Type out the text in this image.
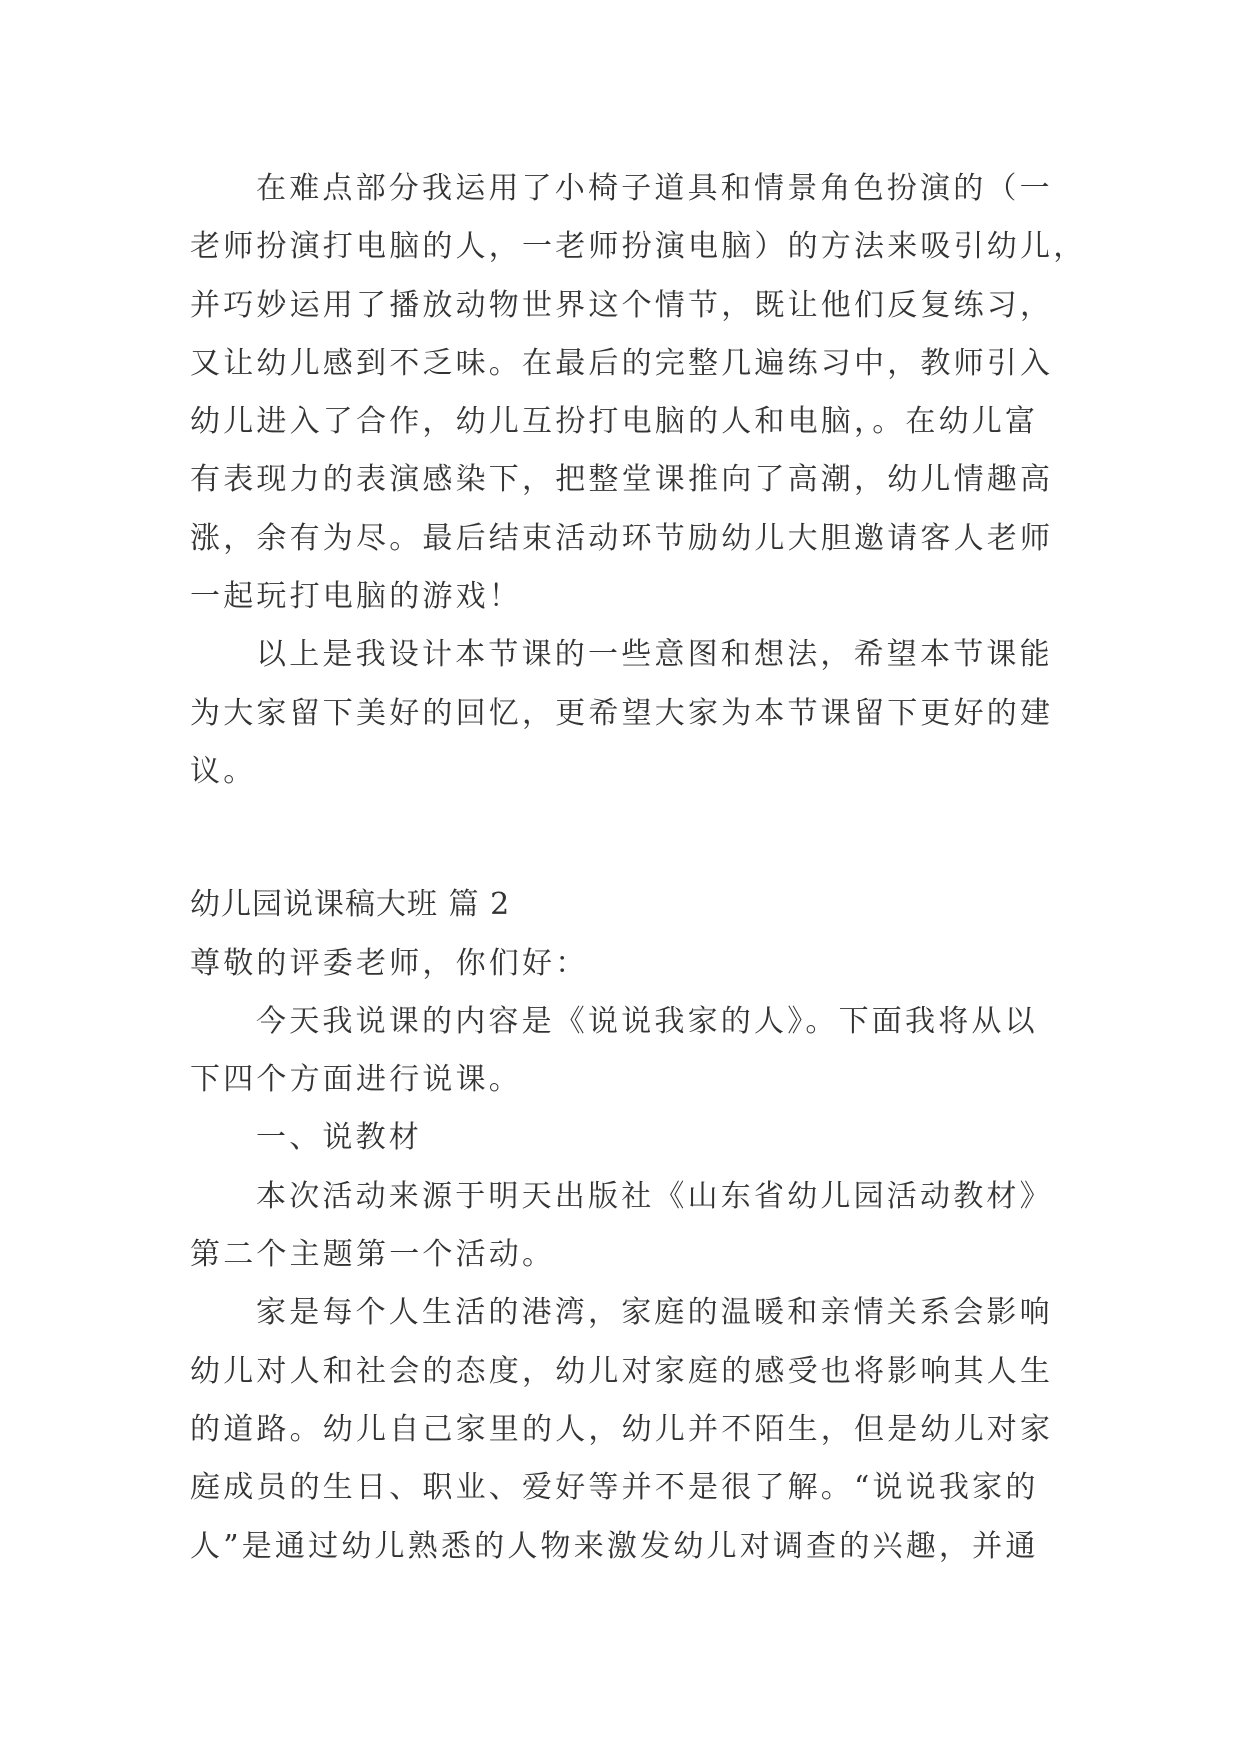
在难点部分我运用了小椅子道具和情景角色扮演的（一
老师扮演打电脑的人，一老师扮演电脑）的方法来吸引幼儿，
并巧妙运用了播放动物世界这个情节，既让他们反复练习，
又让幼儿感到不乏味。在最后的完整几遍练习中，教师引入
幼儿进入了合作，幼儿互扮打电脑的人和电脑，。在幼儿富
有表现力的表演感染下，把整堂课推向了高潮，幼儿情趣高
涨，余有为尽。最后结束活动环节励幼儿大胆邀请客人老师
一起玩打电脑的游戏！
以上是我设计本节课的一些意图和想法，希望本节课能
为大家留下美好的回忆，更希望大家为本节课留下更好的建
议。
幼儿园说课稿大班 篇 2
尊敬的评委老师，你们好：
今天我说课的内容是《说说我家的人》。下面我将从以
下四个方面进行说课。
一、说教材
本次活动来源于明天出版社《山东省幼儿园活动教材》
第二个主题第一个活动。
家是每个人生活的港湾，家庭的温暖和亲情关系会影响
幼儿对人和社会的态度，幼儿对家庭的感受也将影响其人生
的道路。幼儿自己家里的人，幼儿并不陌生，但是幼儿对家
庭成员的生日、职业、爱好等并不是很了解。“说说我家的
人”是通过幼儿熟悉的人物来激发幼儿对调查的兴趣，并通
